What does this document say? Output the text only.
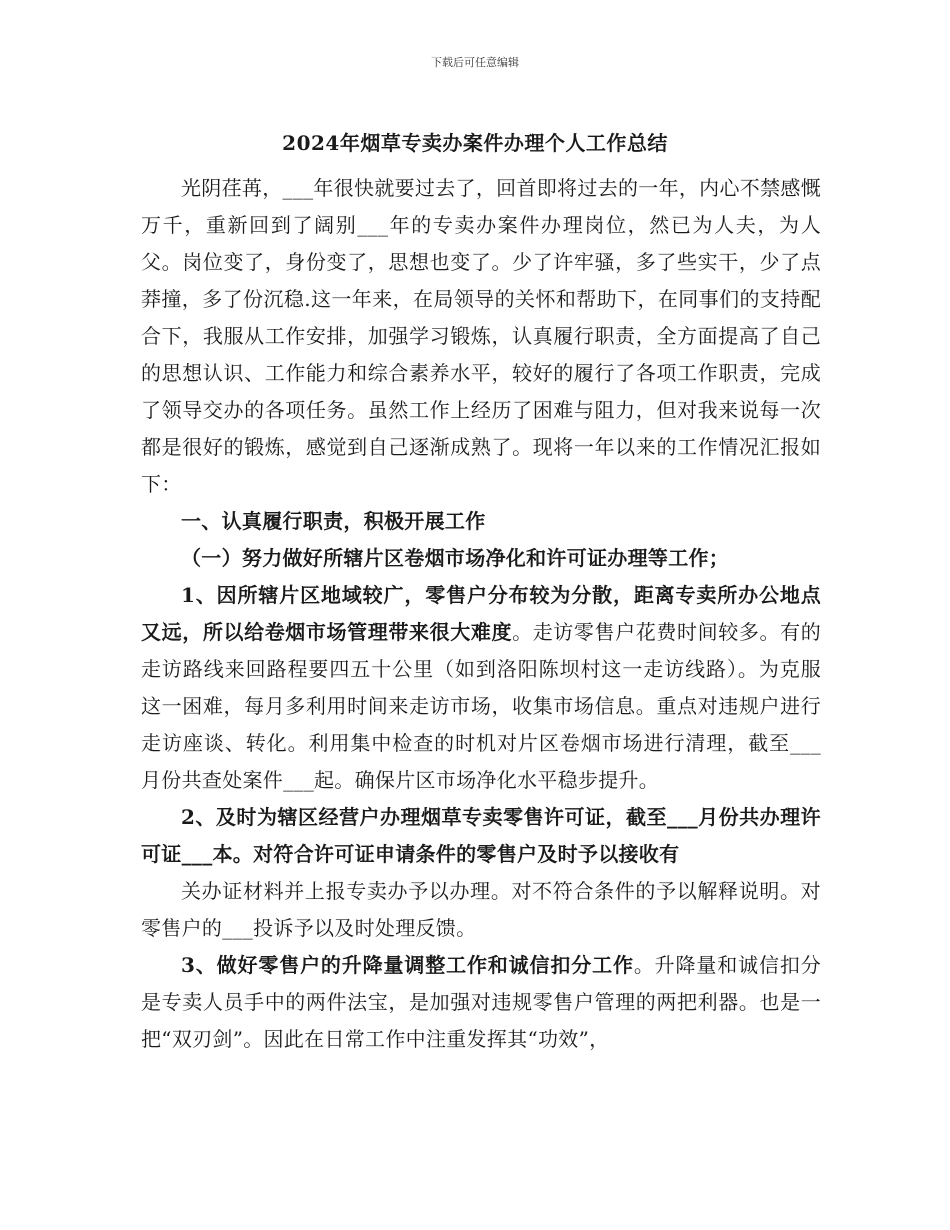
下载后可任意编辑
2024年烟草专卖办案件办理个人工作总结

光阴荏苒，___年很快就要过去了，回首即将过去的一年，内心不禁感慨万千，重新回到了阔别___年的专卖办案件办理岗位，然已为人夫，为人父。岗位变了，身份变了，思想也变了。少了许牢骚，多了些实干，少了点莽撞，多了份沉稳.这一年来，在局领导的关怀和帮助下，在同事们的支持配合下，我服从工作安排，加强学习锻炼，认真履行职责，全方面提高了自己的思想认识、工作能力和综合素养水平，较好的履行了各项工作职责，完成了领导交办的各项任务。虽然工作上经历了困难与阻力，但对我来说每一次都是很好的锻炼，感觉到自己逐渐成熟了。现将一年以来的工作情况汇报如下：

一、认真履行职责，积极开展工作

（一）努力做好所辖片区卷烟市场净化和许可证办理等工作；

1、因所辖片区地域较广，零售户分布较为分散，距离专卖所办公地点又远，所以给卷烟市场管理带来很大难度。走访零售户花费时间较多。有的走访路线来回路程要四五十公里（如到洛阳陈坝村这一走访线路）。为克服这一困难，每月多利用时间来走访市场，收集市场信息。重点对违规户进行走访座谈、转化。利用集中检查的时机对片区卷烟市场进行清理，截至___月份共查处案件___起。确保片区市场净化水平稳步提升。

2、及时为辖区经营户办理烟草专卖零售许可证，截至___月份共办理许可证___本。对符合许可证申请条件的零售户及时予以接收有

关办证材料并上报专卖办予以办理。对不符合条件的予以解释说明。对零售户的___投诉予以及时处理反馈。

3、做好零售户的升降量调整工作和诚信扣分工作。升降量和诚信扣分是专卖人员手中的两件法宝，是加强对违规零售户管理的两把利器。也是一把“双刃剑”。因此在日常工作中注重发挥其“功效”，
